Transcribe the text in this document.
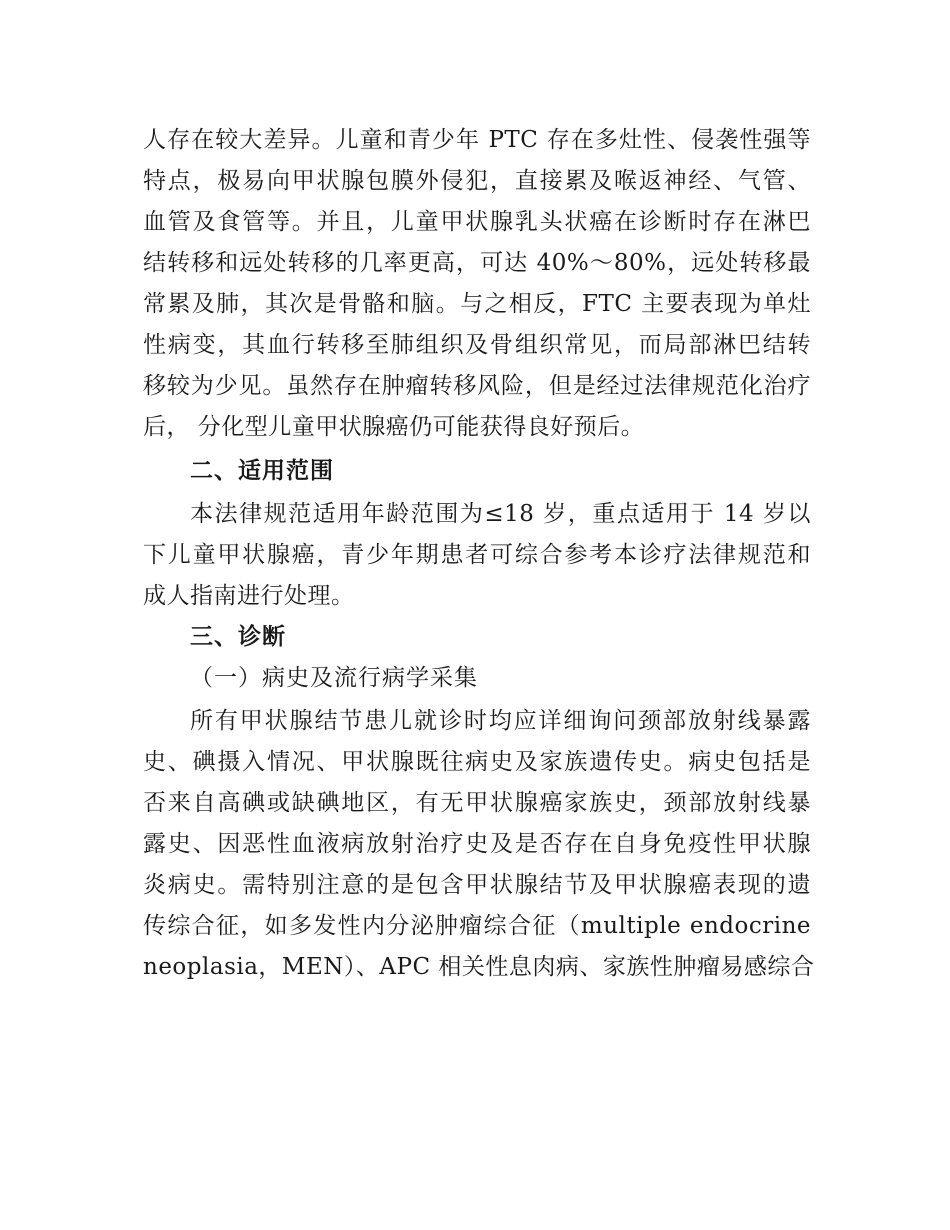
人存在较大差异。儿童和青少年 PTC 存在多灶性、侵袭性强等
特点，极易向甲状腺包膜外侵犯，直接累及喉返神经、气管、
血管及食管等。并且，儿童甲状腺乳头状癌在诊断时存在淋巴
结转移和远处转移的几率更高，可达 40%～80%，远处转移最
常累及肺，其次是骨骼和脑。与之相反，FTC 主要表现为单灶
性病变，其血行转移至肺组织及骨组织常见，而局部淋巴结转
移较为少见。虽然存在肿瘤转移风险，但是经过法律规范化治疗
后， 分化型儿童甲状腺癌仍可能获得良好预后。
二、适用范围
本法律规范适用年龄范围为≤18 岁，重点适用于 14 岁以
下儿童甲状腺癌，青少年期患者可综合参考本诊疗法律规范和
成人指南进行处理。
三、诊断
（一）病史及流行病学采集
所有甲状腺结节患儿就诊时均应详细询问颈部放射线暴露
史、碘摄入情况、甲状腺既往病史及家族遗传史。病史包括是
否来自高碘或缺碘地区，有无甲状腺癌家族史，颈部放射线暴
露史、因恶性血液病放射治疗史及是否存在自身免疫性甲状腺
炎病史。需特别注意的是包含甲状腺结节及甲状腺癌表现的遗
传综合征，如多发性内分泌肿瘤综合征（multiple endocrine
neoplasia，MEN）、APC 相关性息肉病、家族性肿瘤易感综合
